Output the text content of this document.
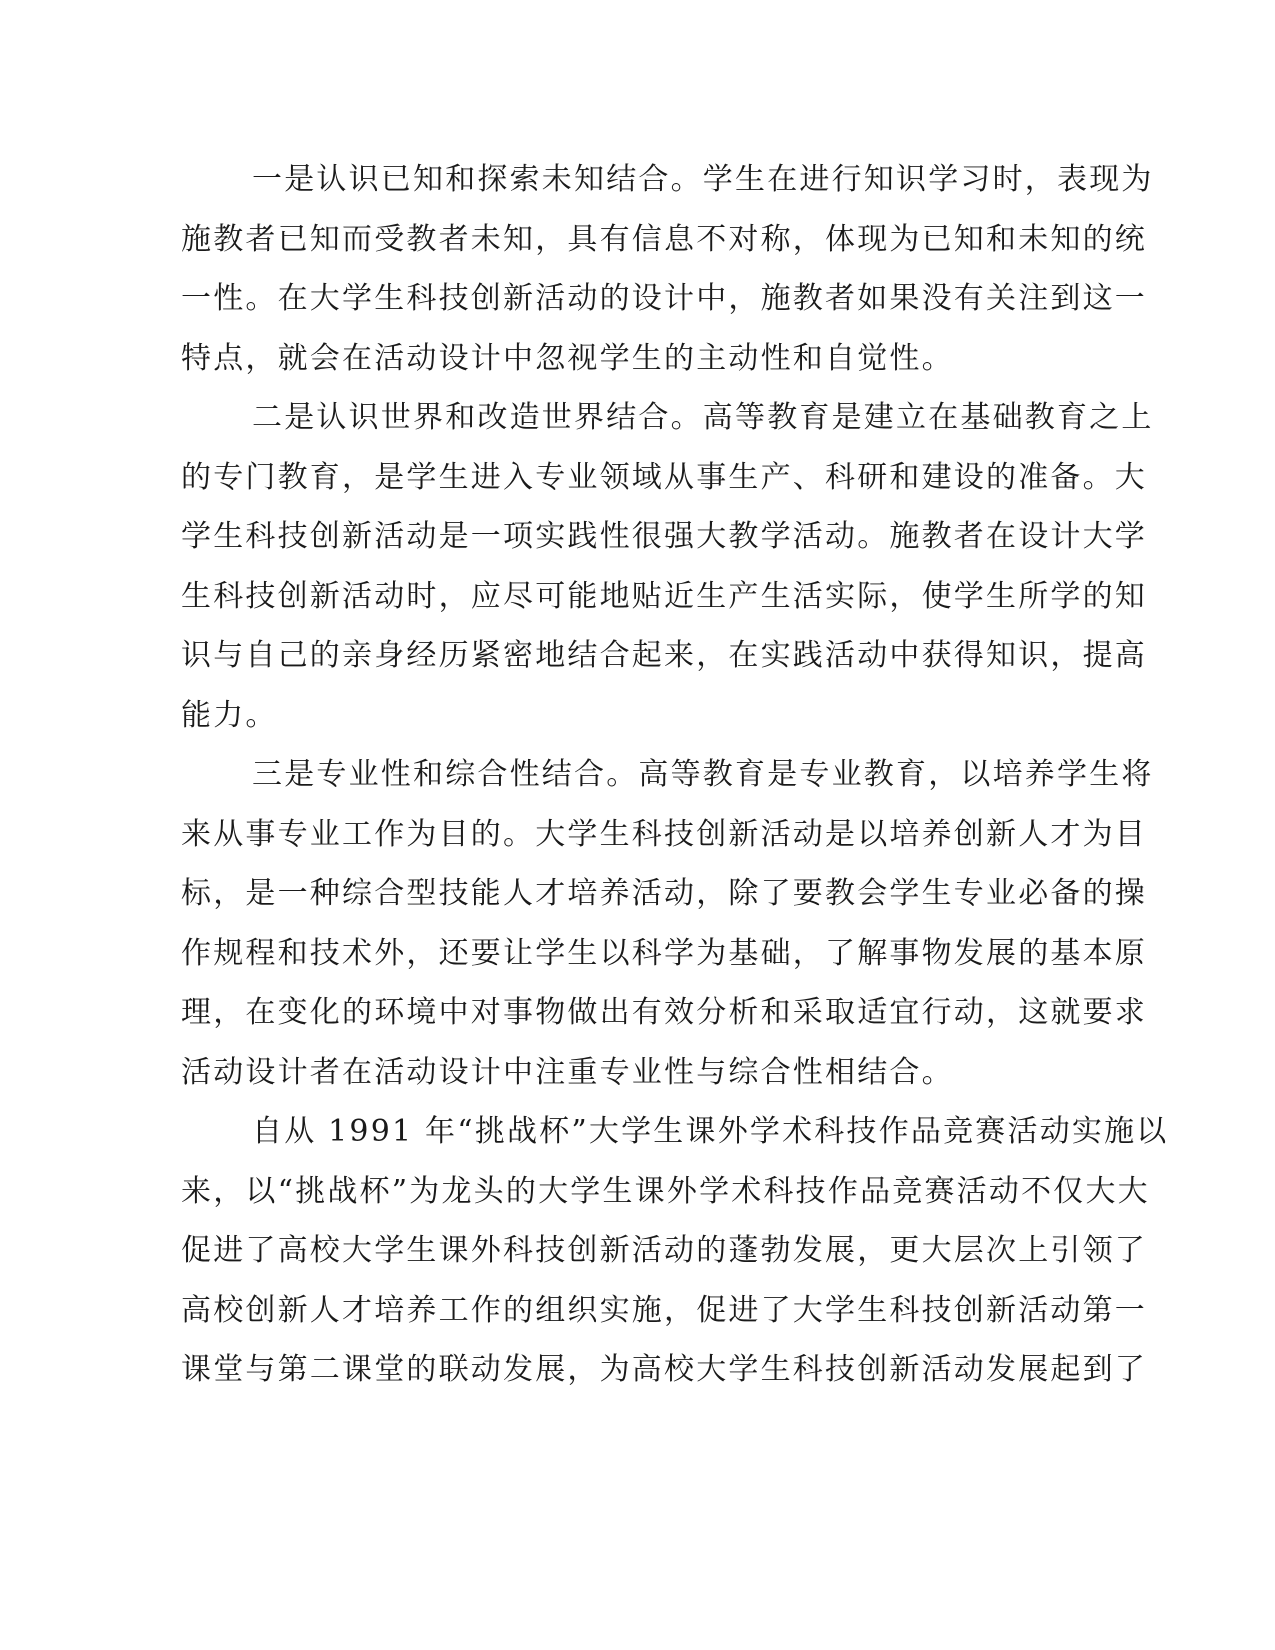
一是认识已知和探索未知结合。学生在进行知识学习时，表现为
施教者已知而受教者未知，具有信息不对称，体现为已知和未知的统
一性。在大学生科技创新活动的设计中，施教者如果没有关注到这一
特点，就会在活动设计中忽视学生的主动性和自觉性。

二是认识世界和改造世界结合。高等教育是建立在基础教育之上
的专门教育，是学生进入专业领域从事生产、科研和建设的准备。大
学生科技创新活动是一项实践性很强大教学活动。施教者在设计大学
生科技创新活动时，应尽可能地贴近生产生活实际，使学生所学的知
识与自己的亲身经历紧密地结合起来，在实践活动中获得知识，提高
能力。

三是专业性和综合性结合。高等教育是专业教育，以培养学生将
来从事专业工作为目的。大学生科技创新活动是以培养创新人才为目
标，是一种综合型技能人才培养活动，除了要教会学生专业必备的操
作规程和技术外，还要让学生以科学为基础，了解事物发展的基本原
理，在变化的环境中对事物做出有效分析和采取适宜行动，这就要求
活动设计者在活动设计中注重专业性与综合性相结合。

自从 1991 年“挑战杯”大学生课外学术科技作品竞赛活动实施以
来，以“挑战杯”为龙头的大学生课外学术科技作品竞赛活动不仅大大
促进了高校大学生课外科技创新活动的蓬勃发展，更大层次上引领了
高校创新人才培养工作的组织实施，促进了大学生科技创新活动第一
课堂与第二课堂的联动发展，为高校大学生科技创新活动发展起到了
